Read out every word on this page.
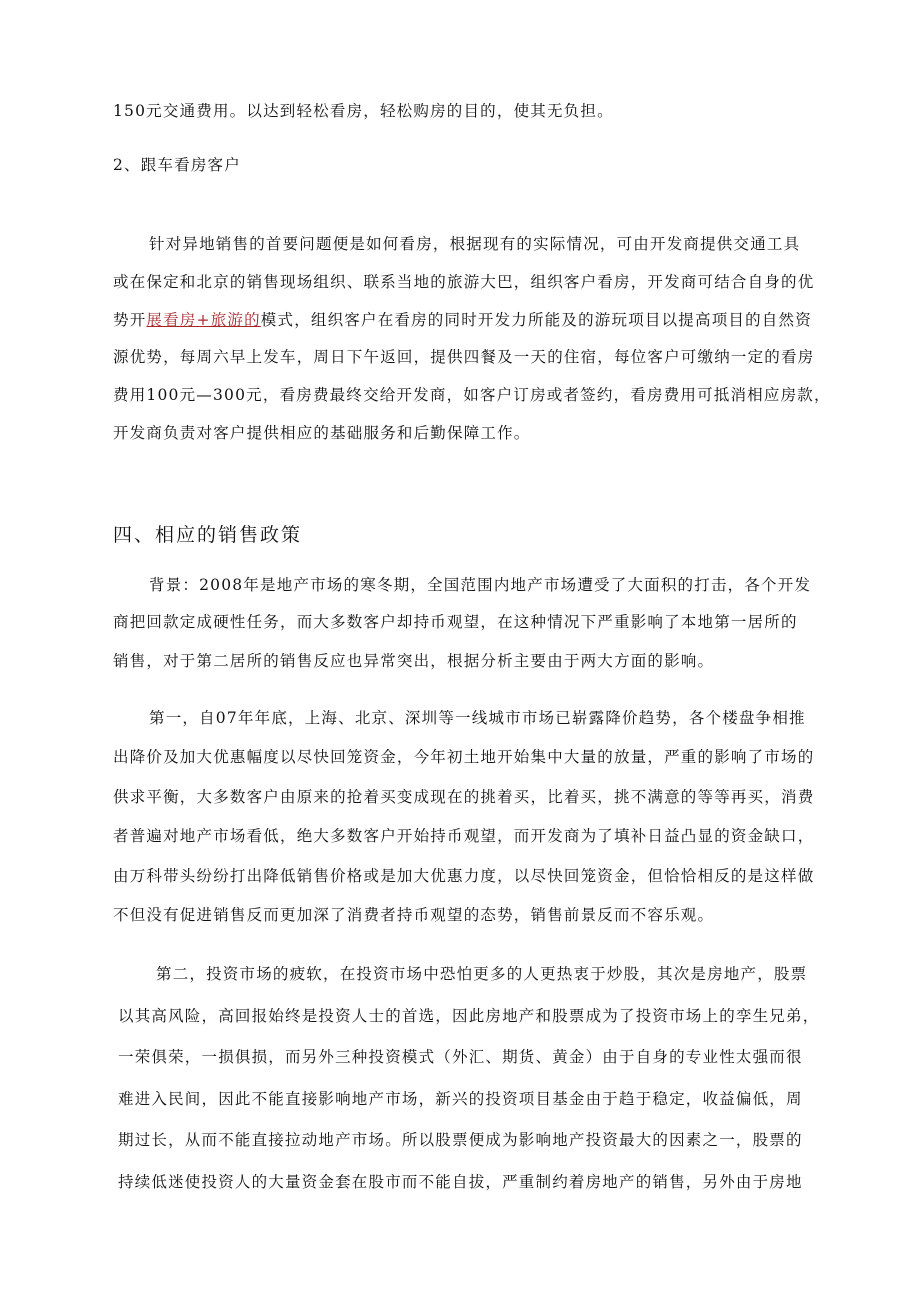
150元交通费用。以达到轻松看房，轻松购房的目的，使其无负担。
2、跟车看房客户
针对异地销售的首要问题便是如何看房，根据现有的实际情况，可由开发商提供交通工具
或在保定和北京的销售现场组织、联系当地的旅游大巴，组织客户看房，开发商可结合自身的优
势开展看房+旅游的模式，组织客户在看房的同时开发力所能及的游玩项目以提高项目的自然资
源优势，每周六早上发车，周日下午返回，提供四餐及一天的住宿，每位客户可缴纳一定的看房
费用100元—300元，看房费最终交给开发商，如客户订房或者签约，看房费用可抵消相应房款，
开发商负责对客户提供相应的基础服务和后勤保障工作。
四、相应的销售政策
背景：2008年是地产市场的寒冬期，全国范围内地产市场遭受了大面积的打击，各个开发
商把回款定成硬性任务，而大多数客户却持币观望，在这种情况下严重影响了本地第一居所的
销售，对于第二居所的销售反应也异常突出，根据分析主要由于两大方面的影响。
第一，自07年年底，上海、北京、深圳等一线城市市场已崭露降价趋势，各个楼盘争相推
出降价及加大优惠幅度以尽快回笼资金，今年初土地开始集中大量的放量，严重的影响了市场的
供求平衡，大多数客户由原来的抢着买变成现在的挑着买，比着买，挑不满意的等等再买，消费
者普遍对地产市场看低，绝大多数客户开始持币观望，而开发商为了填补日益凸显的资金缺口，
由万科带头纷纷打出降低销售价格或是加大优惠力度，以尽快回笼资金，但恰恰相反的是这样做
不但没有促进销售反而更加深了消费者持币观望的态势，销售前景反而不容乐观。
第二，投资市场的疲软，在投资市场中恐怕更多的人更热衷于炒股，其次是房地产，股票
以其高风险，高回报始终是投资人士的首选，因此房地产和股票成为了投资市场上的孪生兄弟，
一荣俱荣，一损俱损，而另外三种投资模式（外汇、期货、黄金）由于自身的专业性太强而很
难进入民间，因此不能直接影响地产市场，新兴的投资项目基金由于趋于稳定，收益偏低，周
期过长，从而不能直接拉动地产市场。所以股票便成为影响地产投资最大的因素之一，股票的
持续低迷使投资人的大量资金套在股市而不能自拔，严重制约着房地产的销售，另外由于房地
